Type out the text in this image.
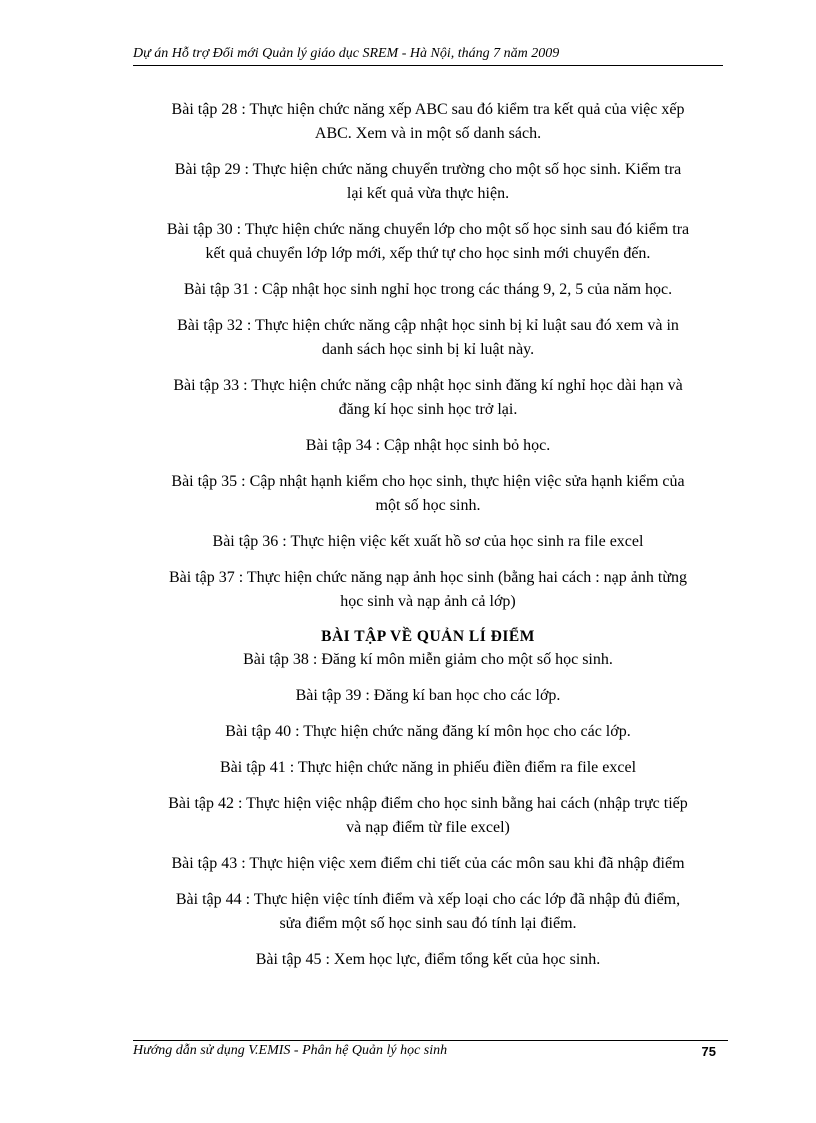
Dự án Hỗ trợ Đổi mới Quản lý giáo dục SREM - Hà Nội, tháng 7 năm 2009
Bài tập 28 : Thực hiện chức năng xếp ABC sau đó kiểm tra kết quả của việc xếp
ABC. Xem và in một số danh sách.
Bài tập 29 : Thực hiện chức năng chuyển trường cho một số học sinh. Kiểm tra
lại kết quả vừa thực hiện.
Bài tập 30 : Thực hiện chức năng chuyển lớp cho một số học sinh sau đó kiểm tra
kết quả chuyển lớp lớp mới, xếp thứ tự cho học sinh mới chuyển đến.
Bài tập 31 : Cập nhật học sinh nghỉ học trong các tháng 9, 2, 5 của năm học.
Bài tập 32 : Thực hiện chức năng cập nhật học sinh bị kỉ luật sau đó xem và in
danh sách học sinh bị kỉ luật này.
Bài tập 33 : Thực hiện chức năng cập nhật học sinh đăng kí nghỉ học dài hạn và
đăng kí học sinh học trở lại.
Bài tập 34 : Cập nhật học sinh bỏ học.
Bài tập 35 : Cập nhật hạnh kiểm cho học sinh, thực hiện việc sửa hạnh kiểm của
một số học sinh.
Bài tập 36 : Thực hiện việc kết xuất hồ sơ của học sinh ra file excel
Bài tập 37 : Thực hiện chức năng nạp ảnh học sinh (bằng hai cách : nạp ảnh từng
học sinh và nạp ảnh cả lớp)
BÀI TẬP VỀ QUẢN LÍ ĐIỂM
Bài tập 38 : Đăng kí môn miễn giảm cho một số học sinh.
Bài tập 39 : Đăng kí ban học cho các lớp.
Bài tập 40 : Thực hiện chức năng đăng kí môn học cho các lớp.
Bài tập 41 : Thực hiện chức năng in phiếu điền điểm ra file excel
Bài tập 42 : Thực hiện việc nhập điểm cho học sinh bằng hai cách (nhập trực tiếp
và nạp điểm từ file excel)
Bài tập 43 : Thực hiện việc xem điểm chi tiết của các môn sau khi đã nhập điểm
Bài tập 44 : Thực hiện việc tính điểm và xếp loại cho các lớp đã nhập đủ điểm,
sửa điểm một số học sinh sau đó tính lại điểm.
Bài tập 45 : Xem học lực, điểm tổng kết của học sinh.
Hướng dẫn sử dụng V.EMIS - Phân hệ Quản lý học sinh	75
